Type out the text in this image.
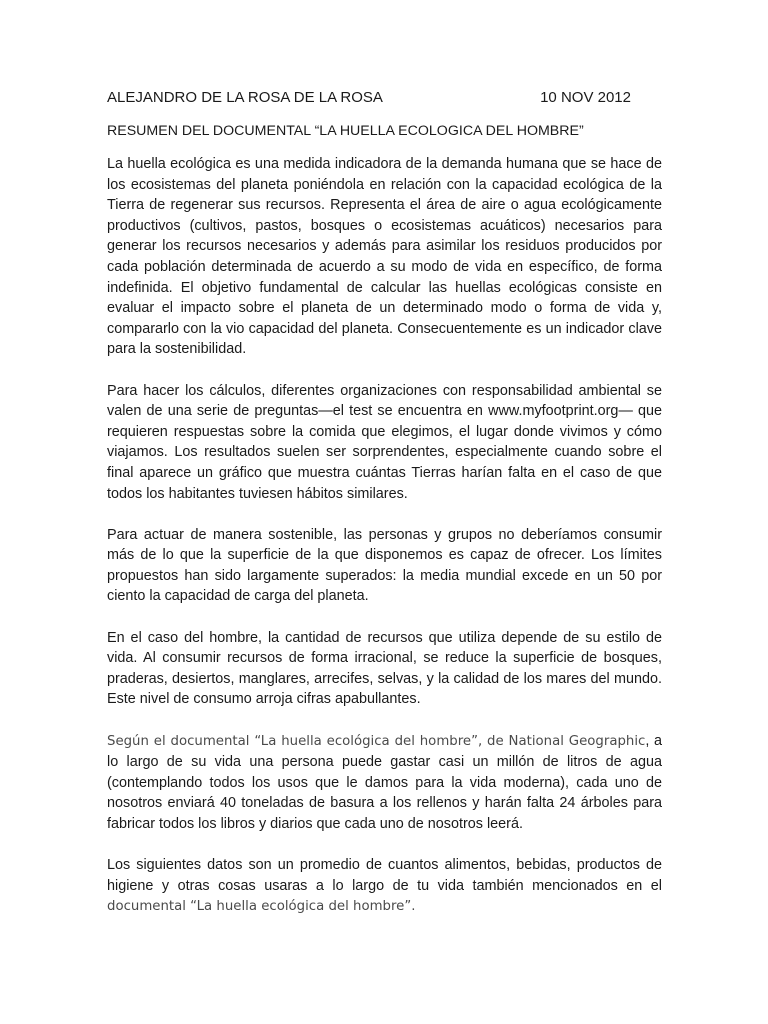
ALEJANDRO DE LA ROSA DE LA ROSA	10 NOV 2012
RESUMEN DEL DOCUMENTAL “LA HUELLA ECOLOGICA DEL HOMBRE”

La huella ecológica es una medida indicadora de la demanda humana que se hace de los ecosistemas del planeta poniéndola en relación con la capacidad ecológica de la Tierra de regenerar sus recursos. Representa el área de aire o agua ecológicamente productivos (cultivos, pastos, bosques o ecosistemas acuáticos) necesarios para generar los recursos necesarios y además para asimilar los residuos producidos por cada población determinada de acuerdo a su modo de vida en específico, de forma indefinida. El objetivo fundamental de calcular las huellas ecológicas consiste en evaluar el impacto sobre el planeta de un determinado modo o forma de vida y, compararlo con la vio capacidad del planeta. Consecuentemente es un indicador clave para la sostenibilidad.

Para hacer los cálculos, diferentes organizaciones con responsabilidad ambiental se valen de una serie de preguntas—el test se encuentra en www.myfootprint.org— que requieren respuestas sobre la comida que elegimos, el lugar donde vivimos y cómo viajamos. Los resultados suelen ser sorprendentes, especialmente cuando sobre el final aparece un gráfico que muestra cuántas Tierras harían falta en el caso de que todos los habitantes tuviesen hábitos similares.

Para actuar de manera sostenible, las personas y grupos no deberíamos consumir más de lo que la superficie de la que disponemos es capaz de ofrecer. Los límites propuestos han sido largamente superados: la media mundial excede en un 50 por ciento la capacidad de carga del planeta.

En el caso del hombre, la cantidad de recursos que utiliza depende de su estilo de vida. Al consumir recursos de forma irracional, se reduce la superficie de bosques, praderas, desiertos, manglares, arrecifes, selvas, y la calidad de los mares del mundo. Este nivel de consumo arroja cifras apabullantes.

Según el documental “La huella ecológica del hombre”, de National Geographic, a lo largo de su vida una persona puede gastar casi un millón de litros de agua (contemplando todos los usos que le damos para la vida moderna), cada uno de nosotros enviará 40 toneladas de basura a los rellenos y harán falta 24 árboles para fabricar todos los libros y diarios que cada uno de nosotros leerá.

Los siguientes datos son un promedio de cuantos alimentos, bebidas, productos de higiene y otras cosas usaras a lo largo de tu vida también mencionados en el documental “La huella ecológica del hombre”.
